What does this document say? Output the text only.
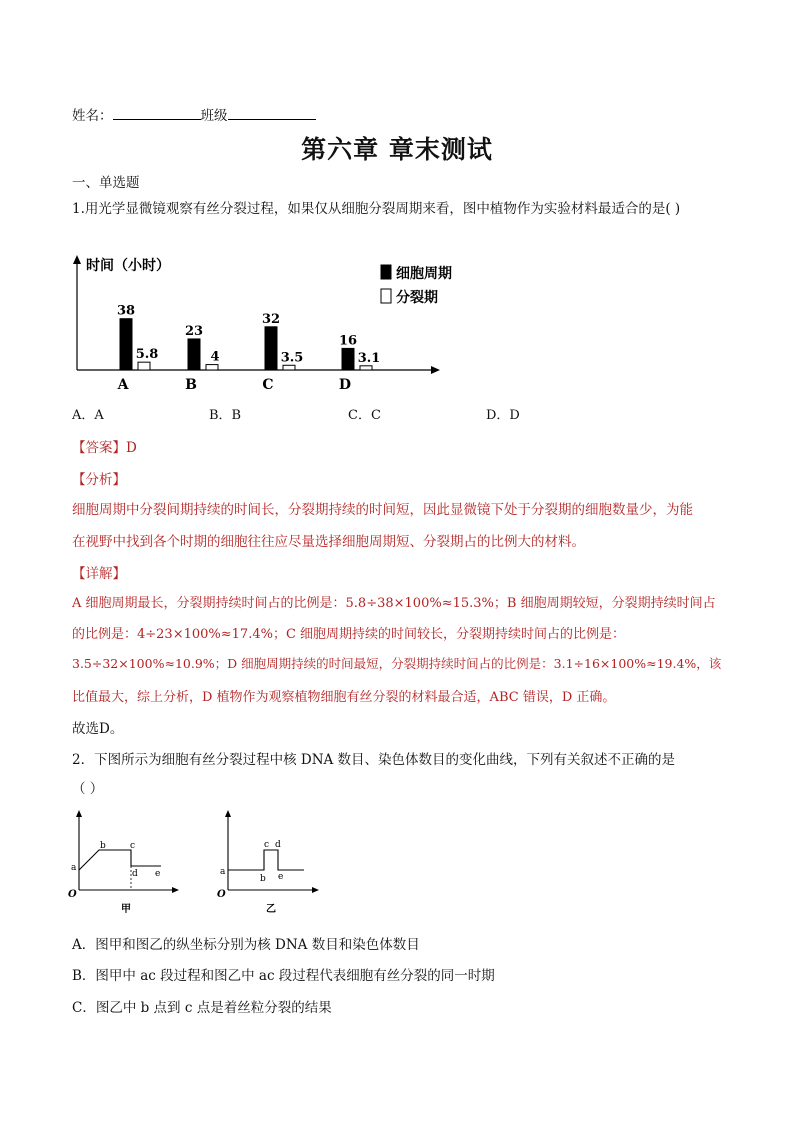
姓名：	班级
第六章 章末测试
一、单选题
1.用光学显微镜观察有丝分裂过程，如果仅从细胞分裂周期来看，图中植物作为实验材料最适合的是( )
时间（小时）
38
5.8
A
23
4
B
32
3.5
C
16
3.1
D
细胞周期
分裂期
A．A	B．B	C．C	D．D
【答案】D
【分析】
细胞周期中分裂间期持续的时间长，分裂期持续的时间短，因此显微镜下处于分裂期的细胞数量少，为能
在视野中找到各个时期的细胞往往应尽量选择细胞周期短、分裂期占的比例大的材料。
【详解】
A 细胞周期最长，分裂期持续时间占的比例是：5.8÷38×100%≈15.3%；B 细胞周期较短，分裂期持续时间占
的比例是：4÷23×100%≈17.4%；C 细胞周期持续的时间较长，分裂期持续时间占的比例是：
3.5÷32×100%≈10.9%；D 细胞周期持续的时间最短，分裂期持续时间占的比例是：3.1÷16×100%≈19.4%，该
比值最大，综上分析，D 植物作为观察植物细胞有丝分裂的材料最合适，ABC 错误，D 正确。
故选D。
2．下图所示为细胞有丝分裂过程中核 DNA 数目、染色体数目的变化曲线，下列有关叙述不正确的是
（ ）
O
a
b	c
d e
甲
O
a
b
c d
e
乙
A．图甲和图乙的纵坐标分别为核 DNA 数目和染色体数目
B．图甲中 ac 段过程和图乙中 ac 段过程代表细胞有丝分裂的同一时期
C．图乙中 b 点到 c 点是着丝粒分裂的结果
